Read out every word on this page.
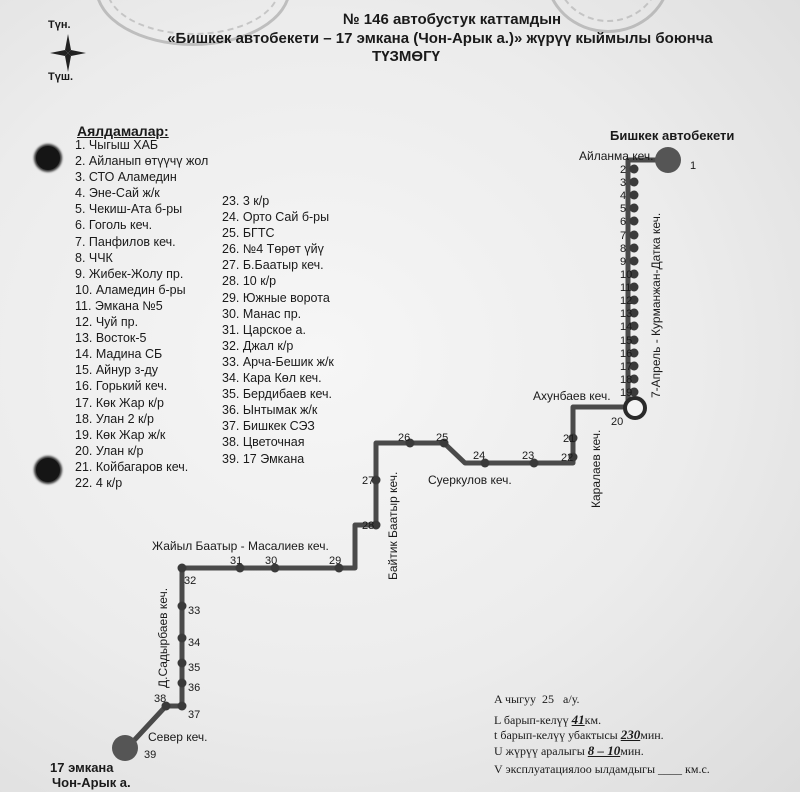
№ 146 автобустук каттамдын
«Бишкек автобекети – 17 эмкана (Чон-Арык а.)» жүрүү кыймылы боюнча
ТҮЗМӨГҮ
Түн.
Түш.
Аялдамалар:
1. Чыгыш ХАБ
2. Айланып өтүүчү жол
3. СТО Аламедин
4. Эне-Сай ж/к
5. Чекиш-Ата б-ры
6. Гоголь кеч.
7. Панфилов кеч.
8. ЧЧК
9. Жибек-Жолу пр.
10. Аламедин б-ры
11. Эмкана №5
12. Чуй пр.
13. Восток-5
14. Мадина СБ
15. Айнур з-ду
16. Горький кеч.
17. Көк Жар к/р
18. Улан 2 к/р
19. Көк Жар ж/к
20. Улан к/р
21. Койбагаров кеч.
22. 4 к/р
23. 3 к/р
24. Орто Сай б-ры
25. БГТС
26. №4 Төрөт үйү
27. Б.Баатыр кеч.
28. 10 к/р
29. Южные ворота
30. Манас пр.
31. Царское а.
32. Джал к/р
33. Арча-Бешик ж/к
34. Кара Көл кеч.
35. Бердибаев кеч.
36. Ынтымак ж/к
37. Бишкек СЭЗ
38. Цветочная
39. 17 Эмкана
1
2
3
4
5
6
7
8
9
10
11
12
13
14
15
16
17
18
19
20
21
22
23
24
25
26
27
28
29
30
31
32
33
34
35
36
37
38
39
Бишкек автобекети
17 эмкана
Чон-Арык а.
Айланма кеч.
7-Апрель - Курманжан-Датка кеч.
Ахунбаев кеч.
Каралаев кеч.
Суеркулов кеч.
Байтик Баатыр кеч.
Жайыл Баатыр - Масалиев кеч.
Д.Садырбаев кеч.
Север кеч.
A чыгуу 25 а/у.
L барып-келүү 41км.
t барып-келүү убактысы 230мин.
U жүрүү аралыгы 8 – 10мин.
V эксплуатациялоо ылдамдыгы ____ км.с.
